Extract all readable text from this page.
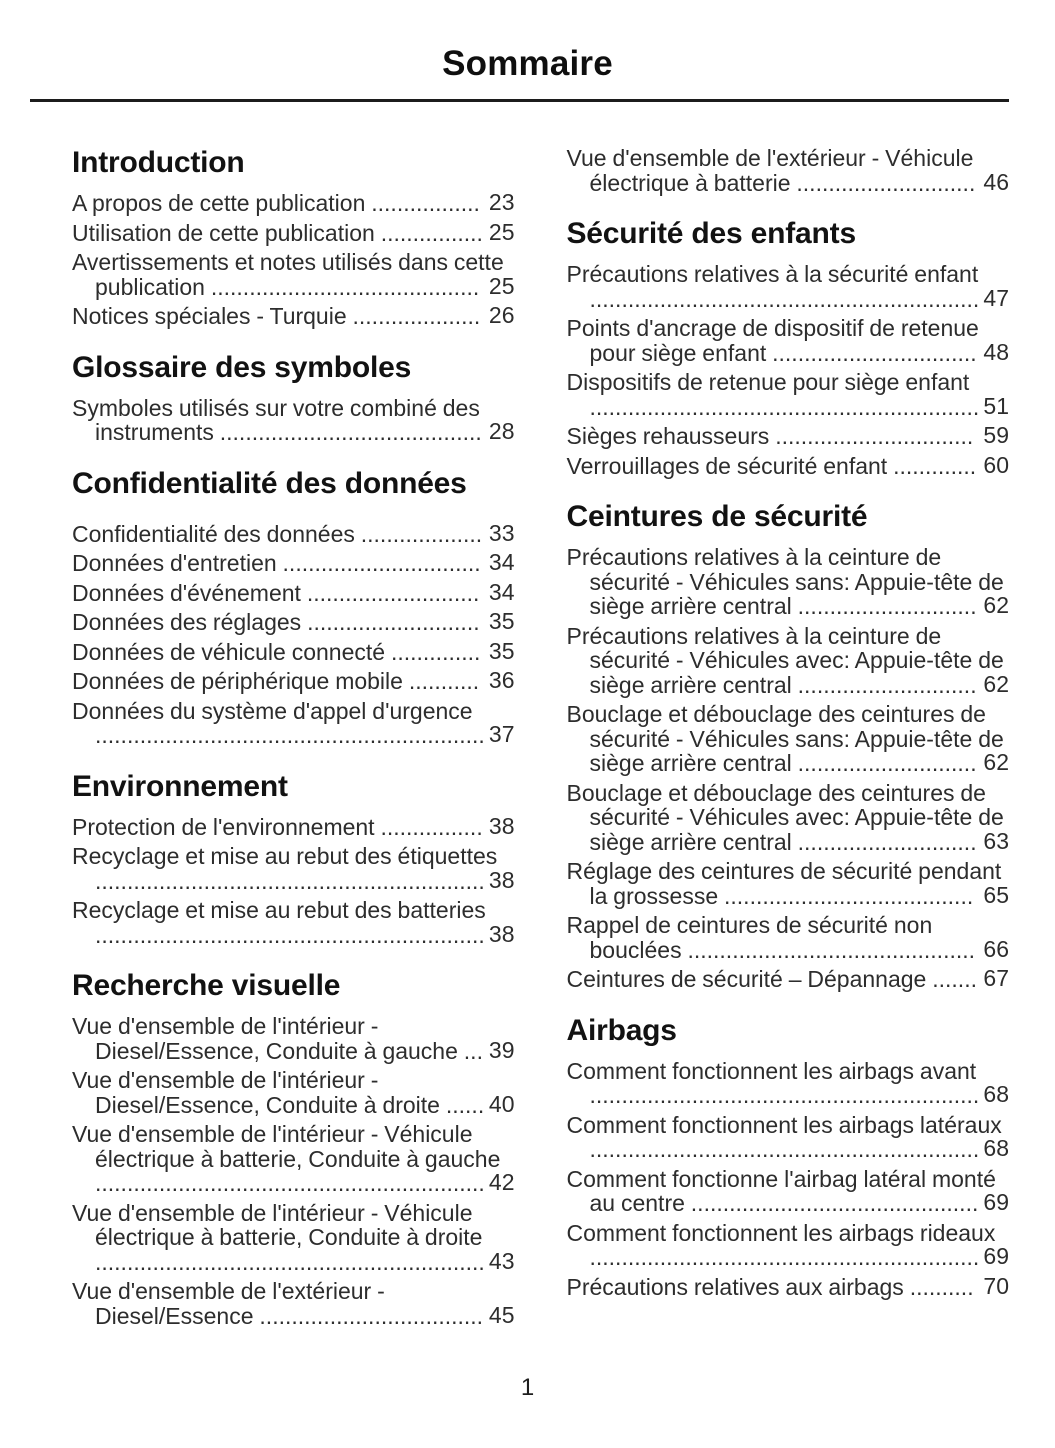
Sommaire
Introduction

A propos de cette publication ................. 23

Utilisation de cette publication ................ 25

Avertissements et notes utilisés dans cette publication .......................................... 25

Notices spéciales - Turquie .................... 26

Glossaire des symboles

Symboles utilisés sur votre combiné des instruments ......................................... 28

Confidentialité des données

Confidentialité des données ................... 33

Données d'entretien ............................... 34

Données d'événement ........................... 34

Données des réglages ........................... 35

Données de véhicule connecté .............. 35

Données de périphérique mobile ........... 36

Données du système d'appel d'urgence
............................................................. 37

Environnement

Protection de l'environnement ................ 38

Recyclage et mise au rebut des étiquettes
............................................................. 38

Recyclage et mise au rebut des batteries
............................................................. 38

Recherche visuelle

Vue d'ensemble de l'intérieur - Diesel/Essence, Conduite à gauche ... 39

Vue d'ensemble de l'intérieur - Diesel/Essence, Conduite à droite ...... 40

Vue d'ensemble de l'intérieur - Véhicule électrique à batterie, Conduite à gauche
............................................................. 42

Vue d'ensemble de l'intérieur - Véhicule électrique à batterie, Conduite à droite
............................................................. 43

Vue d'ensemble de l'extérieur - Diesel/Essence ................................... 45

Vue d'ensemble de l'extérieur - Véhicule électrique à batterie ............................ 46

Sécurité des enfants

Précautions relatives à la sécurité enfant
............................................................. 47

Points d'ancrage de dispositif de retenue pour siège enfant ................................ 48

Dispositifs de retenue pour siège enfant
............................................................. 51

Sièges rehausseurs ............................... 59

Verrouillages de sécurité enfant ............. 60

Ceintures de sécurité

Précautions relatives à la ceinture de sécurité - Véhicules sans: Appuie-tête de siège arrière central ............................ 62

Précautions relatives à la ceinture de sécurité - Véhicules avec: Appuie-tête de siège arrière central ............................ 62

Bouclage et débouclage des ceintures de sécurité - Véhicules sans: Appuie-tête de siège arrière central ............................ 62

Bouclage et débouclage des ceintures de sécurité - Véhicules avec: Appuie-tête de siège arrière central ............................ 63

Réglage des ceintures de sécurité pendant la grossesse ....................................... 65

Rappel de ceintures de sécurité non bouclées ............................................. 66

Ceintures de sécurité – Dépannage ....... 67

Airbags

Comment fonctionnent les airbags avant
............................................................. 68

Comment fonctionnent les airbags latéraux
............................................................. 68

Comment fonctionne l'airbag latéral monté au centre ............................................. 69

Comment fonctionnent les airbags rideaux
............................................................. 69

Précautions relatives aux airbags .......... 70

1
